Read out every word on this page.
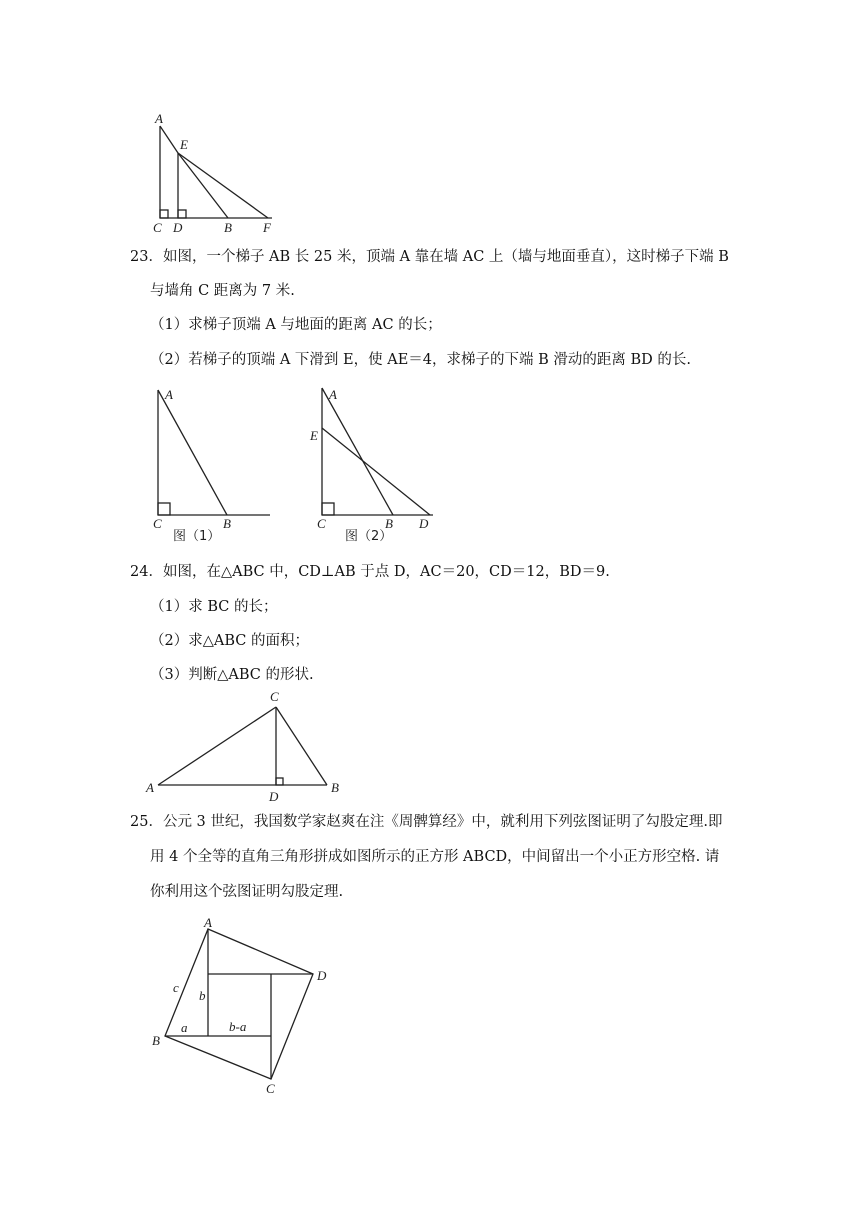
A
E
C D	B F
23．如图，一个梯子 AB 长 25 米，顶端 A 靠在墙 AC 上（墙与地面垂直），这时梯子下端 B
与墙角 C 距离为 7 米.
（1）求梯子顶端 A 与地面的距离 AC 的长；
（2）若梯子的顶端 A 下滑到 E，使 AE＝4，求梯子的下端 B 滑动的距离 BD 的长.
A
C	B
图（1）
A
E
C	B D
图（2）
24．如图，在△ABC 中，CD⊥AB 于点 D，AC＝20，CD＝12，BD＝9.
（1）求 BC 的长；
（2）求△ABC 的面积；
（3）判断△ABC 的形状.
C
A	B
D
25．公元 3 世纪，我国数学家赵爽在注《周髀算经》中，就利用下列弦图证明了勾股定理.即
用 4 个全等的直角三角形拼成如图所示的正方形 ABCD，中间留出一个小正方形空格. 请
你利用这个弦图证明勾股定理.
A
D
B
C
c
b
a	b-a
